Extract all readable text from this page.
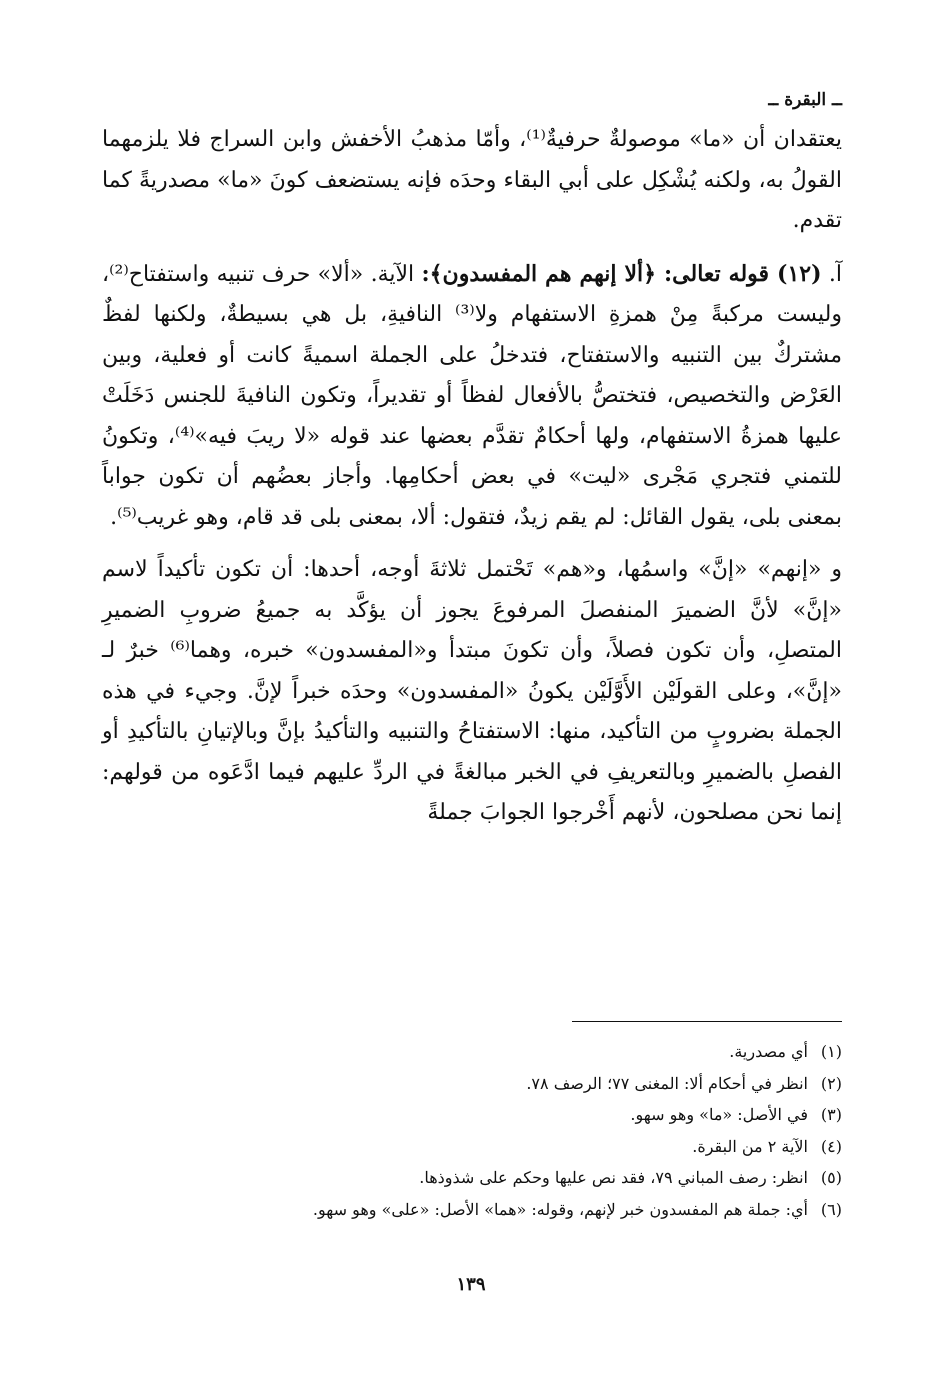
ــ البقرة ــ

يعتقدان أن «ما» موصولةٌ حرفيةٌ⁽¹⁾، وأمّا مذهبُ الأخفش وابن السراج فلا يلزمهما القولُ به، ولكنه يُشْكِل على أبي البقاء وحدَه فإنه يستضعف كونَ «ما» مصدريةً كما تقدم.

آ. (١٢) قوله تعالى: ﴿ألا إنهم هم المفسدون﴾: الآية. «ألا» حرف تنبيه واستفتاح⁽²⁾، وليست مركبةً مِنْ همزةِ الاستفهام ولا⁽³⁾ النافيةِ، بل هي بسيطةٌ، ولكنها لفظٌ مشتركٌ بين التنبيه والاستفتاح، فتدخلُ على الجملة اسميةً كانت أو فعلية، وبين العَرْض والتخصيص، فتختصُّ بالأفعال لفظاً أو تقديراً، وتكون النافيةَ للجنس دَخَلَتْ عليها همزةُ الاستفهام، ولها أحكامٌ تقدَّم بعضها عند قوله «لا ريبَ فيه»⁽⁴⁾، وتكونُ للتمني فتجري مَجْرى «ليت» في بعض أحكامِها. وأجاز بعضُهم أن تكون جواباً بمعنى بلى، يقول القائل: لم يقم زيدٌ، فتقول: ألا، بمعنى بلى قد قام، وهو غريب⁽⁵⁾.

و «إنهم» «إنَّ» واسمُها، و«هم» تَحْتمل ثلاثةَ أوجه، أحدها: أن تكون تأكيداً لاسم «إنَّ» لأنَّ الضميرَ المنفصلَ المرفوعَ يجوز أن يؤكَّد به جميعُ ضروبِ الضميرِ المتصلِ، وأن تكون فصلاً، وأن تكونَ مبتدأ و«المفسدون» خبره، وهما⁽⁶⁾ خبرٌ لـ «إنَّ»، وعلى القولَيْن الأَوَّلَيْن يكونُ «المفسدون» وحدَه خبراً لإنَّ. وجيء في هذه الجملة بضروبٍ من التأكيد، منها: الاستفتاحُ والتنبيه والتأكيدُ بإنَّ وبالإتيانِ بالتأكيدِ أو الفصلِ بالضميرِ وبالتعريفِ في الخبر مبالغةً في الردِّ عليهم فيما ادَّعَوه من قولهم: إنما نحن مصلحون، لأنهم أَخْرجوا الجوابَ جملةً

(١)أي مصدرية.
(٢)انظر في أحكام ألا: المغنى ٧٧؛ الرصف ٧٨.
(٣)في الأصل: «ما» وهو سهو.
(٤)الآية ٢ من البقرة.
(٥)انظر: رصف المباني ٧٩، فقد نص عليها وحكم على شذوذها.
(٦)أي: جملة هم المفسدون خبر لإنهم، وقوله: «هما» الأصل: «على» وهو سهو.
١٣٩
